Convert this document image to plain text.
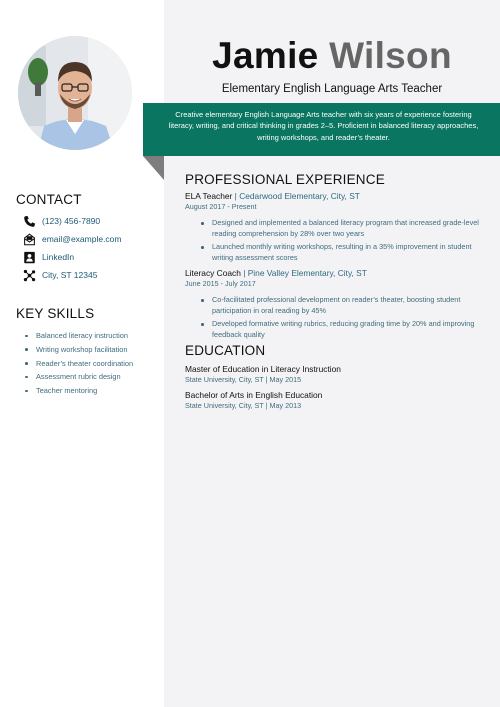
CONTACT
(123) 456-7890
email@example.com
LinkedIn
City, ST 12345
KEY SKILLS
Balanced literacy instruction
Writing workshop facilitation
Reader’s theater coordination
Assessment rubric design
Teacher mentoring
Jamie Wilson
Elementary English Language Arts Teacher
Creative elementary English Language Arts teacher with six years of experience fostering literacy, writing, and critical thinking in grades 2–5. Proficient in balanced literacy approaches, writing workshops, and reader’s theater.
PROFESSIONAL EXPERIENCE
ELA Teacher | Cedarwood Elementary, City, ST
August 2017 - Present
Designed and implemented a balanced literacy program that increased grade-level reading comprehension by 28% over two years
Launched monthly writing workshops, resulting in a 35% improvement in student writing assessment scores
Literacy Coach | Pine Valley Elementary, City, ST
June 2015 - July 2017
Co-facilitated professional development on reader’s theater, boosting student participation in oral reading by 45%
Developed formative writing rubrics, reducing grading time by 20% and improving feedback quality
EDUCATION
Master of Education in Literacy Instruction
State University, City, ST | May 2015
Bachelor of Arts in English Education
State University, City, ST | May 2013
